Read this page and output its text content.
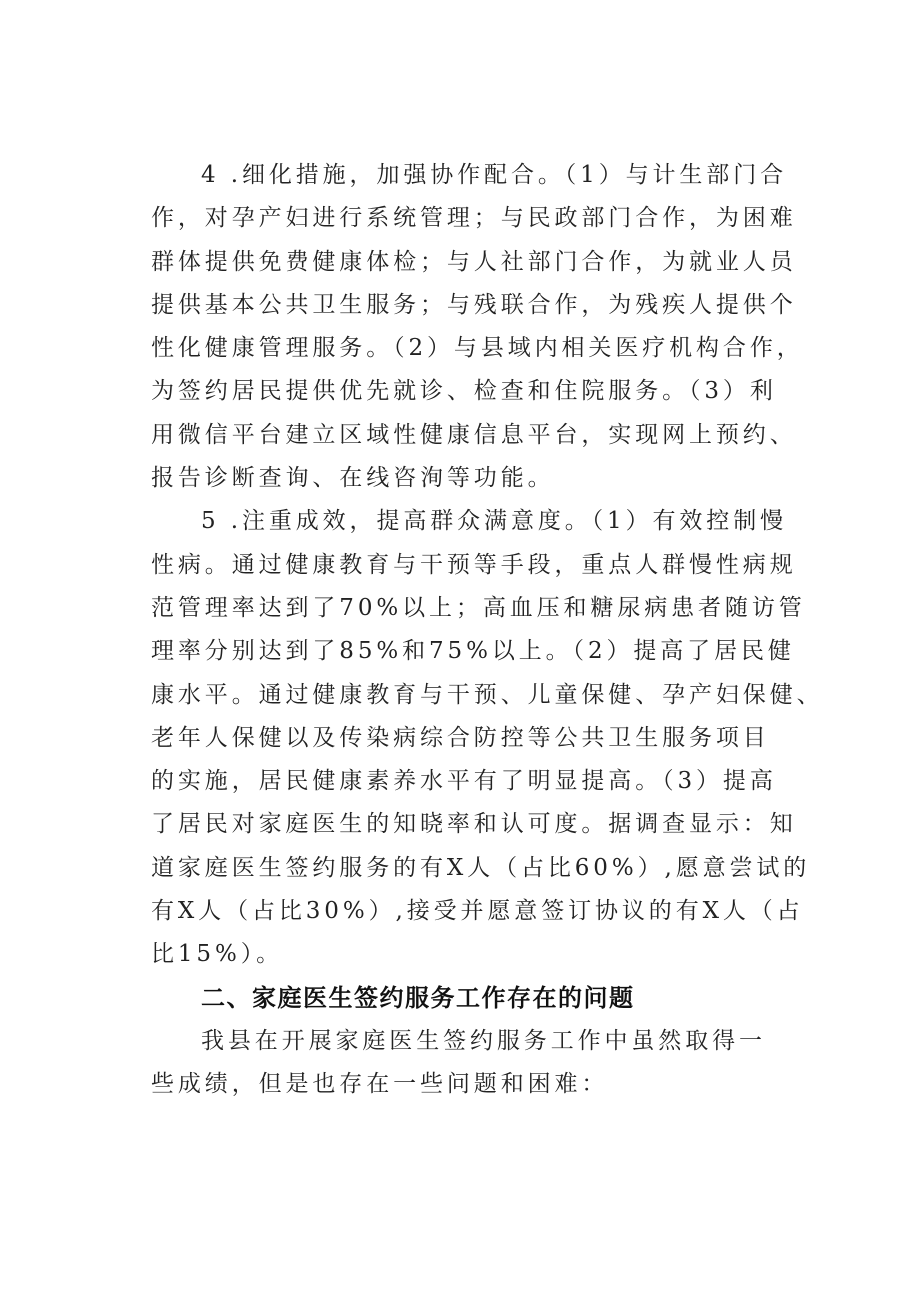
4 .细化措施，加强协作配合。（1）与计生部门合
作，对孕产妇进行系统管理；与民政部门合作，为困难
群体提供免费健康体检；与人社部门合作，为就业人员
提供基本公共卫生服务；与残联合作，为残疾人提供个
性化健康管理服务。（2）与县域内相关医疗机构合作，
为签约居民提供优先就诊、检查和住院服务。（3）利
用微信平台建立区域性健康信息平台，实现网上预约、
报告诊断查询、在线咨洵等功能。
5 .注重成效，提高群众满意度。（1）有效控制慢
性病。通过健康教育与干预等手段，重点人群慢性病规
范管理率达到了70%以上；高血压和糖尿病患者随访管
理率分别达到了85%和75%以上。（2）提高了居民健
康水平。通过健康教育与干预、儿童保健、孕产妇保健、
老年人保健以及传染病综合防控等公共卫生服务项目
的实施，居民健康素养水平有了明显提高。（3）提高
了居民对家庭医生的知晓率和认可度。据调查显示：知
道家庭医生签约服务的有X人（占比60%）,愿意尝试的
有X人（占比30%）,接受并愿意签订协议的有X人（占
比15%）。
二、家庭医生签约服务工作存在的问题
我县在开展家庭医生签约服务工作中虽然取得一
些成绩，但是也存在一些问题和困难：
